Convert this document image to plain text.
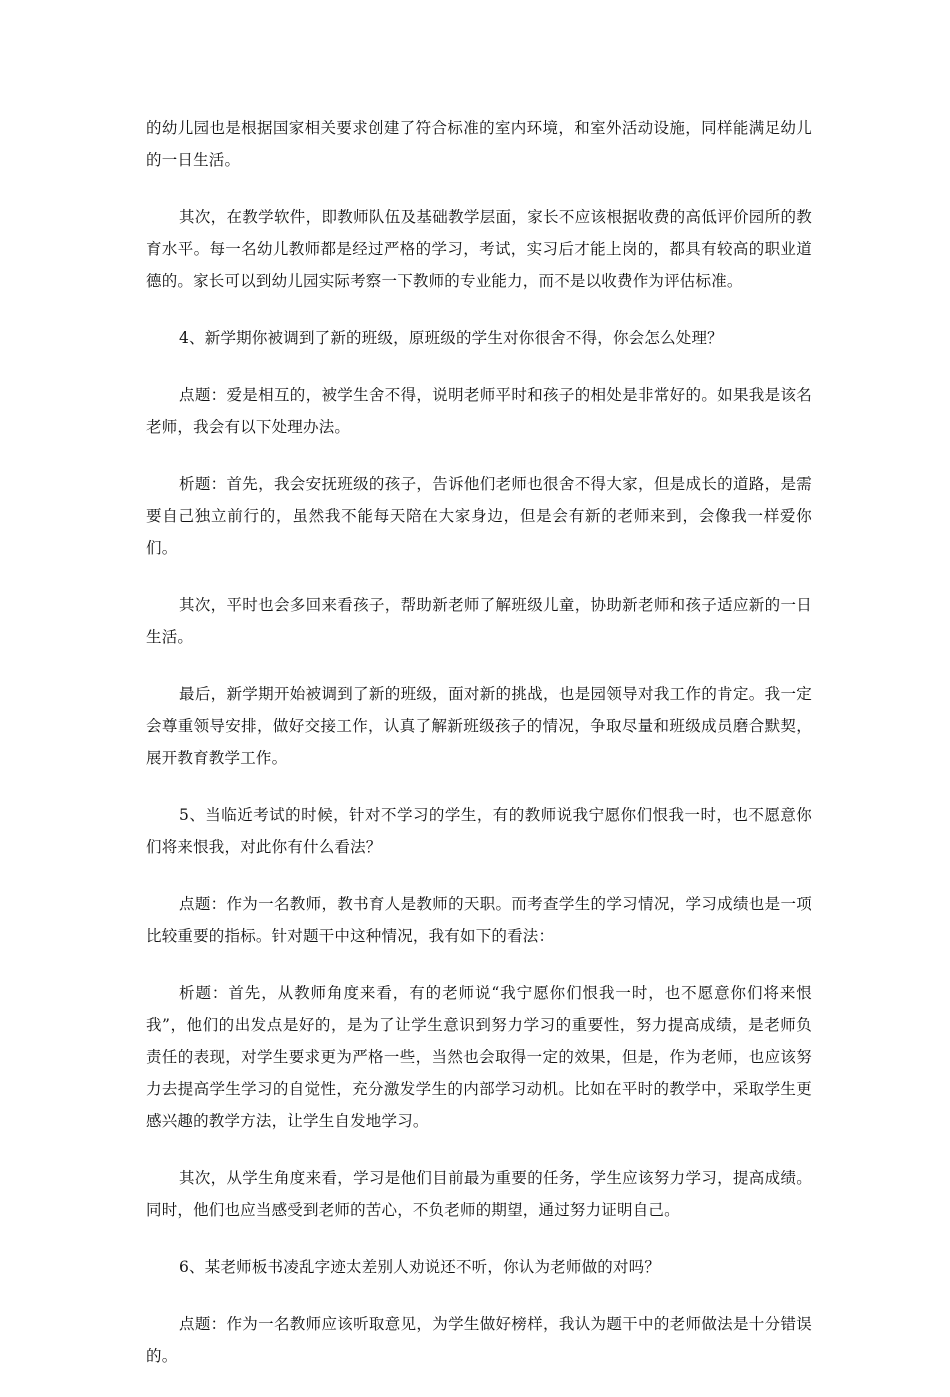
的幼儿园也是根据国家相关要求创建了符合标准的室内环境，和室外活动设施，同样能满足幼儿的一日生活。

其次，在教学软件，即教师队伍及基础教学层面，家长不应该根据收费的高低评价园所的教育水平。每一名幼儿教师都是经过严格的学习，考试，实习后才能上岗的，都具有较高的职业道德的。家长可以到幼儿园实际考察一下教师的专业能力，而不是以收费作为评估标准。

4、新学期你被调到了新的班级，原班级的学生对你很舍不得，你会怎么处理？

点题：爱是相互的，被学生舍不得，说明老师平时和孩子的相处是非常好的。如果我是该名老师，我会有以下处理办法。

析题：首先，我会安抚班级的孩子，告诉他们老师也很舍不得大家，但是成长的道路，是需要自己独立前行的，虽然我不能每天陪在大家身边，但是会有新的老师来到，会像我一样爱你们。

其次，平时也会多回来看孩子，帮助新老师了解班级儿童，协助新老师和孩子适应新的一日生活。

最后，新学期开始被调到了新的班级，面对新的挑战，也是园领导对我工作的肯定。我一定会尊重领导安排，做好交接工作，认真了解新班级孩子的情况，争取尽量和班级成员磨合默契，展开教育教学工作。

5、当临近考试的时候，针对不学习的学生，有的教师说我宁愿你们恨我一时，也不愿意你们将来恨我，对此你有什么看法？

点题：作为一名教师，教书育人是教师的天职。而考查学生的学习情况，学习成绩也是一项比较重要的指标。针对题干中这种情况，我有如下的看法：

析题：首先，从教师角度来看，有的老师说“我宁愿你们恨我一时，也不愿意你们将来恨我”，他们的出发点是好的，是为了让学生意识到努力学习的重要性，努力提高成绩，是老师负责任的表现，对学生要求更为严格一些，当然也会取得一定的效果，但是，作为老师，也应该努力去提高学生学习的自觉性，充分激发学生的内部学习动机。比如在平时的教学中，采取学生更感兴趣的教学方法，让学生自发地学习。

其次，从学生角度来看，学习是他们目前最为重要的任务，学生应该努力学习，提高成绩。同时，他们也应当感受到老师的苦心，不负老师的期望，通过努力证明自己。

6、某老师板书凌乱字迹太差别人劝说还不听，你认为老师做的对吗？

点题：作为一名教师应该听取意见，为学生做好榜样，我认为题干中的老师做法是十分错误的。
